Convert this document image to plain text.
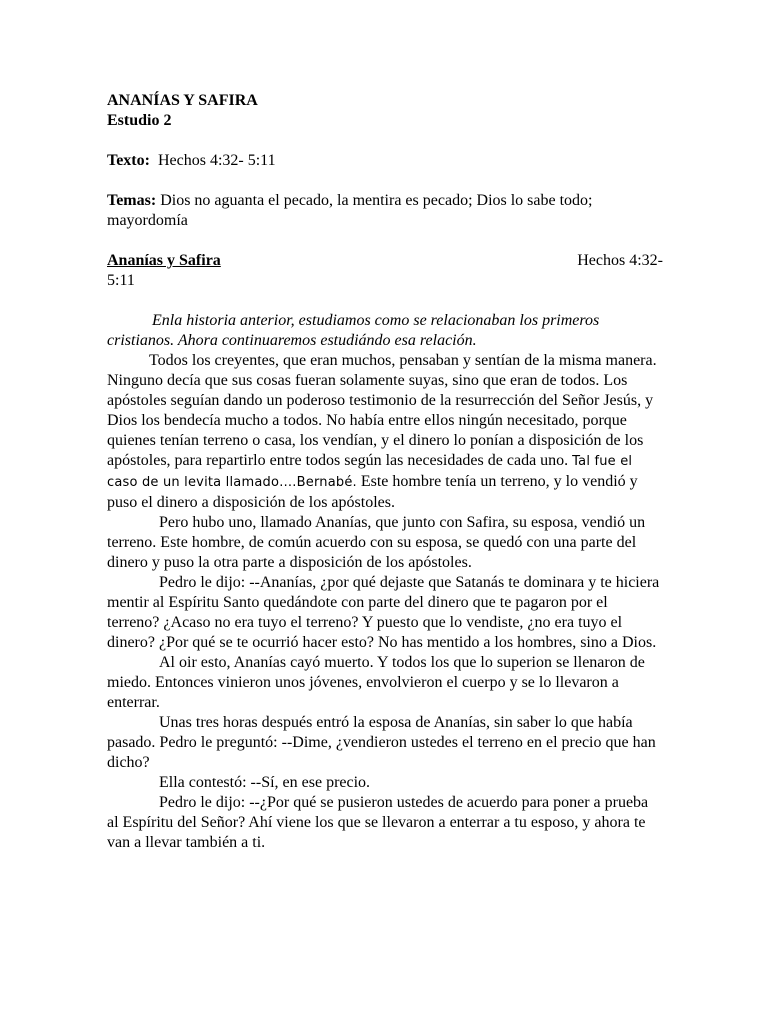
ANANÍAS Y SAFIRA
Estudio 2
Texto: Hechos 4:32- 5:11

Temas: Dios no aguanta el pecado, la mentira es pecado; Dios lo sabe todo; mayordomía

Ananías y Safira	Hechos 4:32-
5:11

Enla historia anterior, estudiamos como se relacionaban los primeros cristianos. Ahora continuaremos estudiándo esa relación.

Todos los creyentes, que eran muchos, pensaban y sentían de la misma manera. Ninguno decía que sus cosas fueran solamente suyas, sino que eran de todos. Los apóstoles seguían dando un poderoso testimonio de la resurrección del Señor Jesús, y Dios los bendecía mucho a todos. No había entre ellos ningún necesitado, porque quienes tenían terreno o casa, los vendían, y el dinero lo ponían a disposición de los apóstoles, para repartirlo entre todos según las necesidades de cada uno. Tal fue el caso de un levita llamado….Bernabé. Este hombre tenía un terreno, y lo vendió y puso el dinero a disposición de los apóstoles.

Pero hubo uno, llamado Ananías, que junto con Safira, su esposa, vendió un terreno. Este hombre, de común acuerdo con su esposa, se quedó con una parte del dinero y puso la otra parte a disposición de los apóstoles.

Pedro le dijo: --Ananías, ¿por qué dejaste que Satanás te dominara y te hiciera mentir al Espíritu Santo quedándote con parte del dinero que te pagaron por el terreno? ¿Acaso no era tuyo el terreno? Y puesto que lo vendiste, ¿no era tuyo el dinero? ¿Por qué se te ocurrió hacer esto? No has mentido a los hombres, sino a Dios.

Al oir esto, Ananías cayó muerto. Y todos los que lo superion se llenaron de miedo. Entonces vinieron unos jóvenes, envolvieron el cuerpo y se lo llevaron a enterrar.

Unas tres horas después entró la esposa de Ananías, sin saber lo que había pasado. Pedro le preguntó: --Dime, ¿vendieron ustedes el terreno en el precio que han dicho?

Ella contestó: --Sí, en ese precio.

Pedro le dijo: --¿Por qué se pusieron ustedes de acuerdo para poner a prueba al Espíritu del Señor? Ahí viene los que se llevaron a enterrar a tu esposo, y ahora te van a llevar también a ti.
